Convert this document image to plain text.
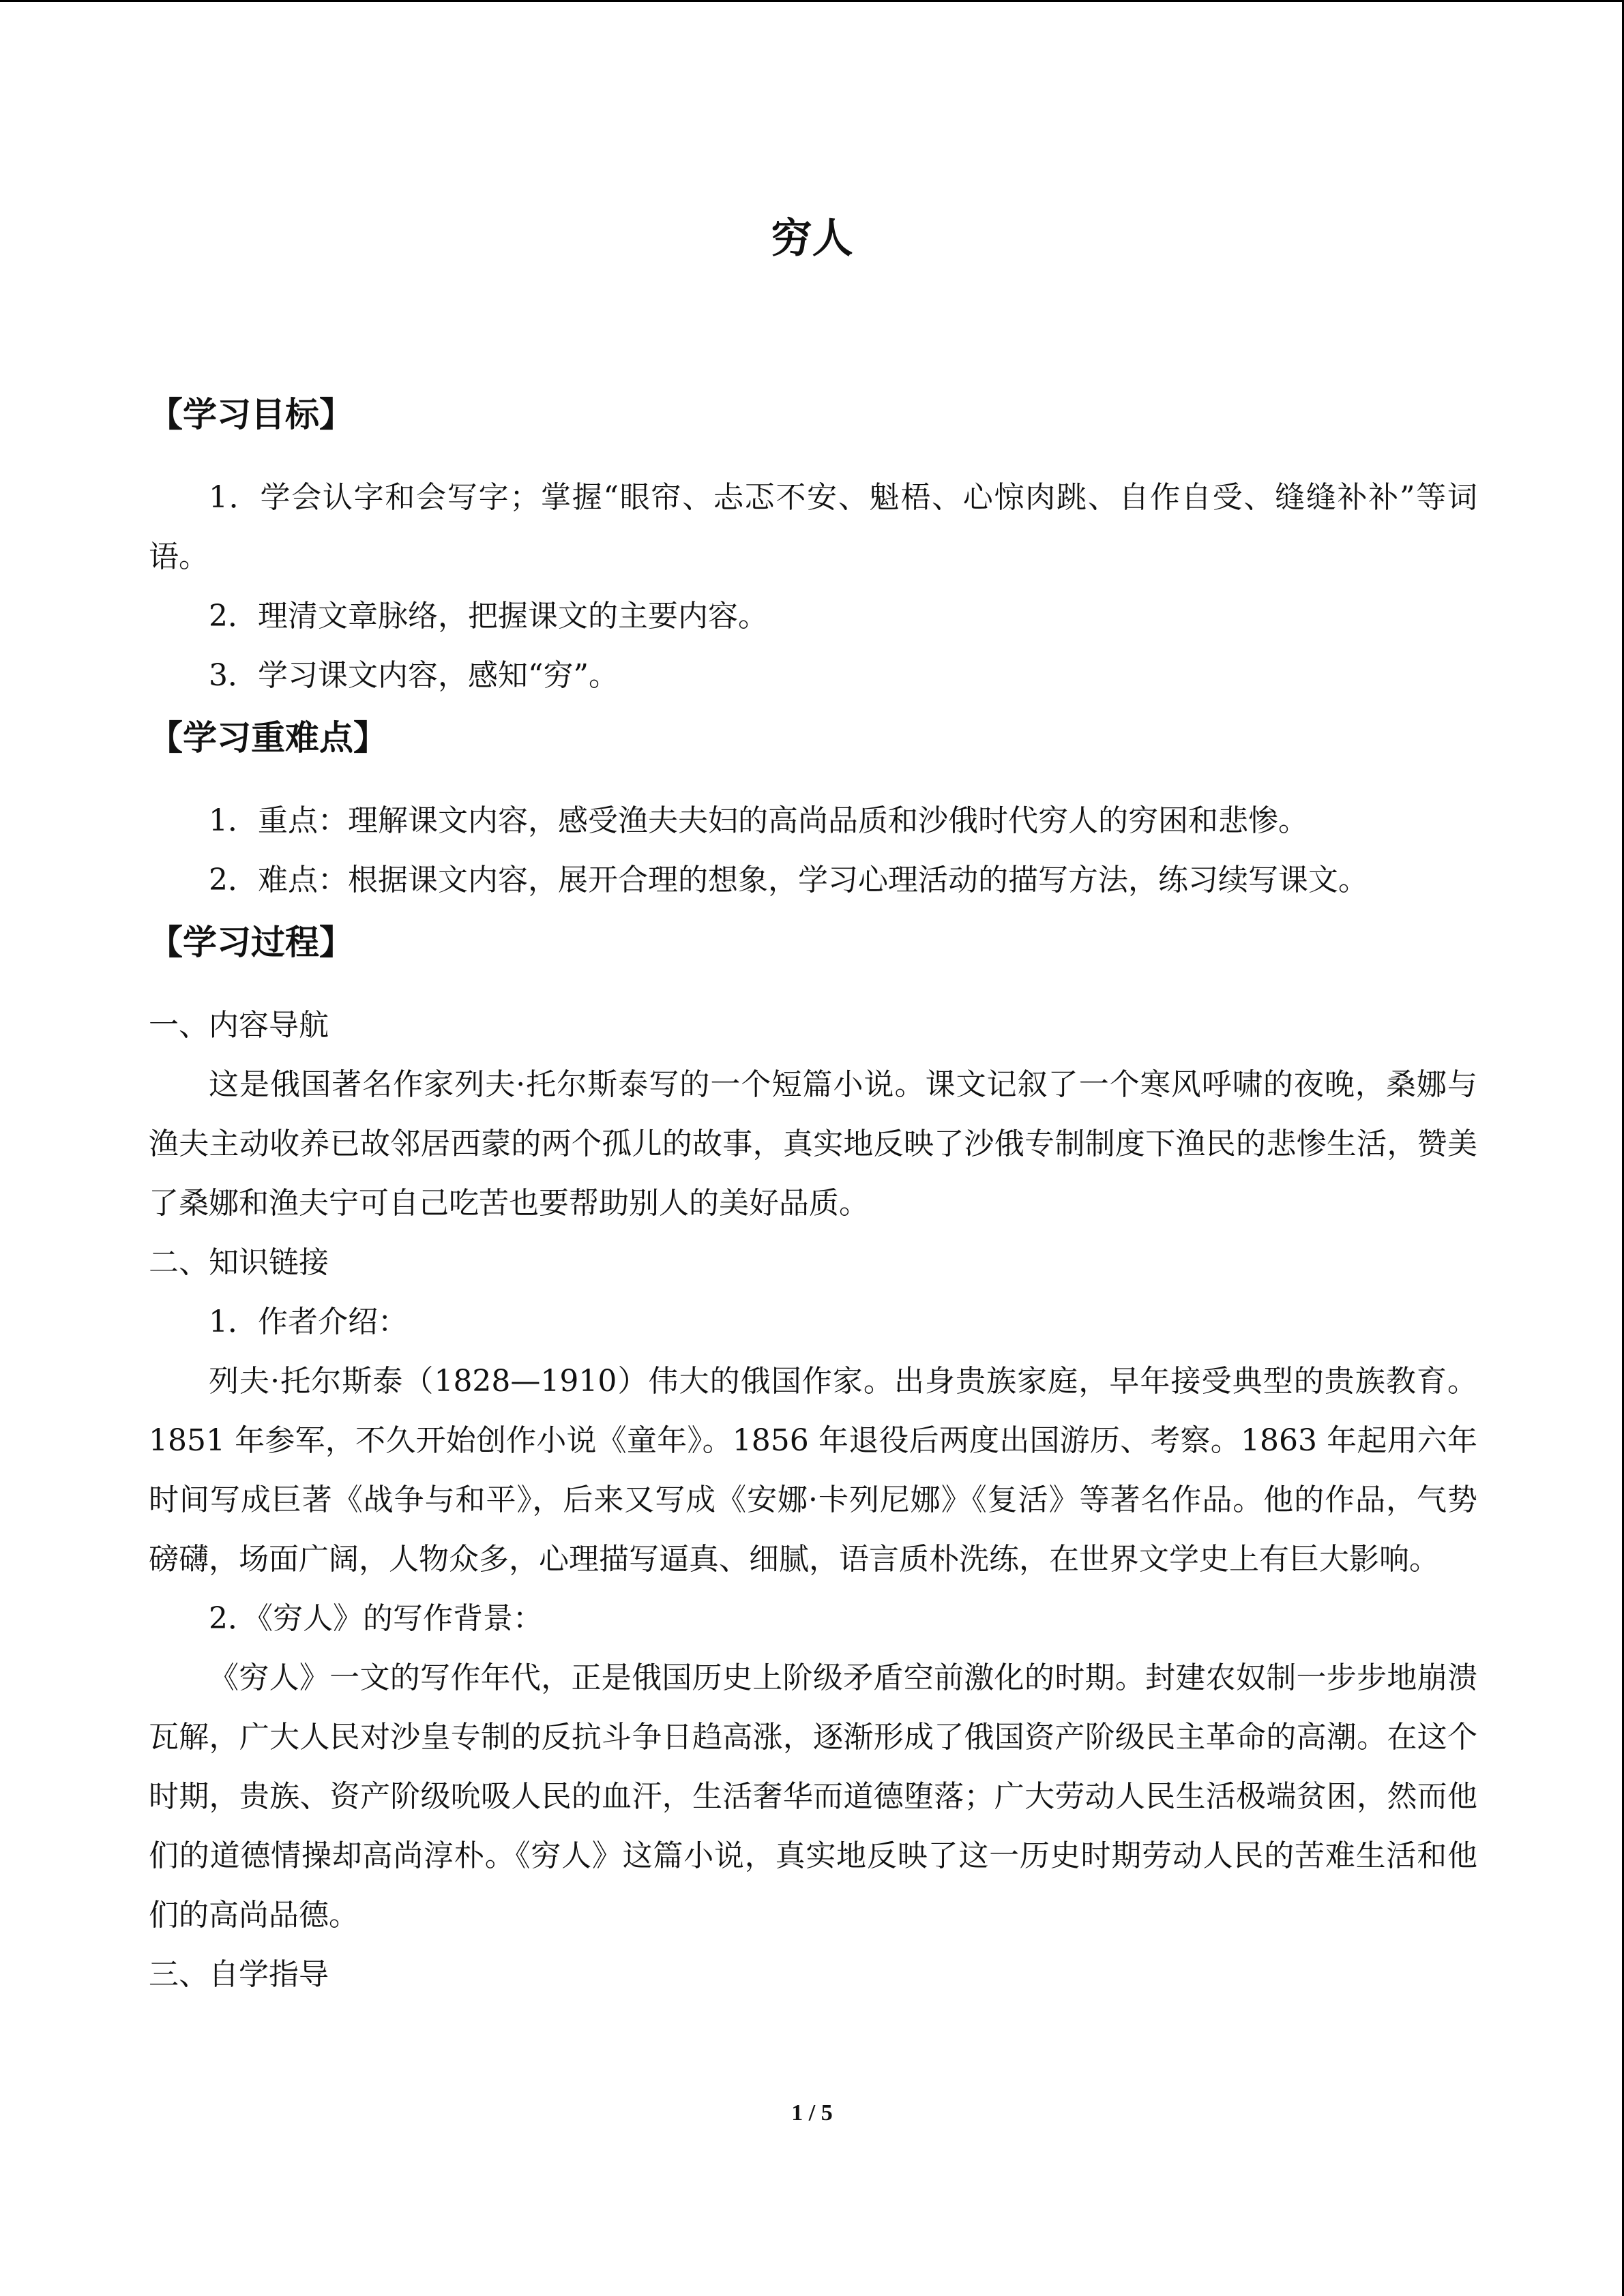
穷人
【学习目标】

1．学会认字和会写字；掌握“眼帘、忐忑不安、魁梧、心惊肉跳、自作自受、缝缝补补”等词语。

2．理清文章脉络，把握课文的主要内容。

3．学习课文内容，感知“穷”。

【学习重难点】

1．重点：理解课文内容，感受渔夫夫妇的高尚品质和沙俄时代穷人的穷困和悲惨。

2．难点：根据课文内容，展开合理的想象，学习心理活动的描写方法，练习续写课文。

【学习过程】

一、内容导航

这是俄国著名作家列夫·托尔斯泰写的一个短篇小说。课文记叙了一个寒风呼啸的夜晚，桑娜与渔夫主动收养已故邻居西蒙的两个孤儿的故事，真实地反映了沙俄专制制度下渔民的悲惨生活，赞美了桑娜和渔夫宁可自己吃苦也要帮助别人的美好品质。

二、知识链接

1．作者介绍：

列夫·托尔斯泰（1828—1910）伟大的俄国作家。出身贵族家庭，早年接受典型的贵族教育。1851 年参军，不久开始创作小说《童年》。1856 年退役后两度出国游历、考察。1863 年起用六年时间写成巨著《战争与和平》，后来又写成《安娜·卡列尼娜》《复活》等著名作品。他的作品，气势磅礴，场面广阔，人物众多，心理描写逼真、细腻，语言质朴洗练，在世界文学史上有巨大影响。

2．《穷人》的写作背景：

《穷人》一文的写作年代，正是俄国历史上阶级矛盾空前激化的时期。封建农奴制一步步地崩溃瓦解，广大人民对沙皇专制的反抗斗争日趋高涨，逐渐形成了俄国资产阶级民主革命的高潮。在这个时期，贵族、资产阶级吮吸人民的血汗，生活奢华而道德堕落；广大劳动人民生活极端贫困，然而他们的道德情操却高尚淳朴。《穷人》这篇小说，真实地反映了这一历史时期劳动人民的苦难生活和他们的高尚品德。

三、自学指导

1 / 5
